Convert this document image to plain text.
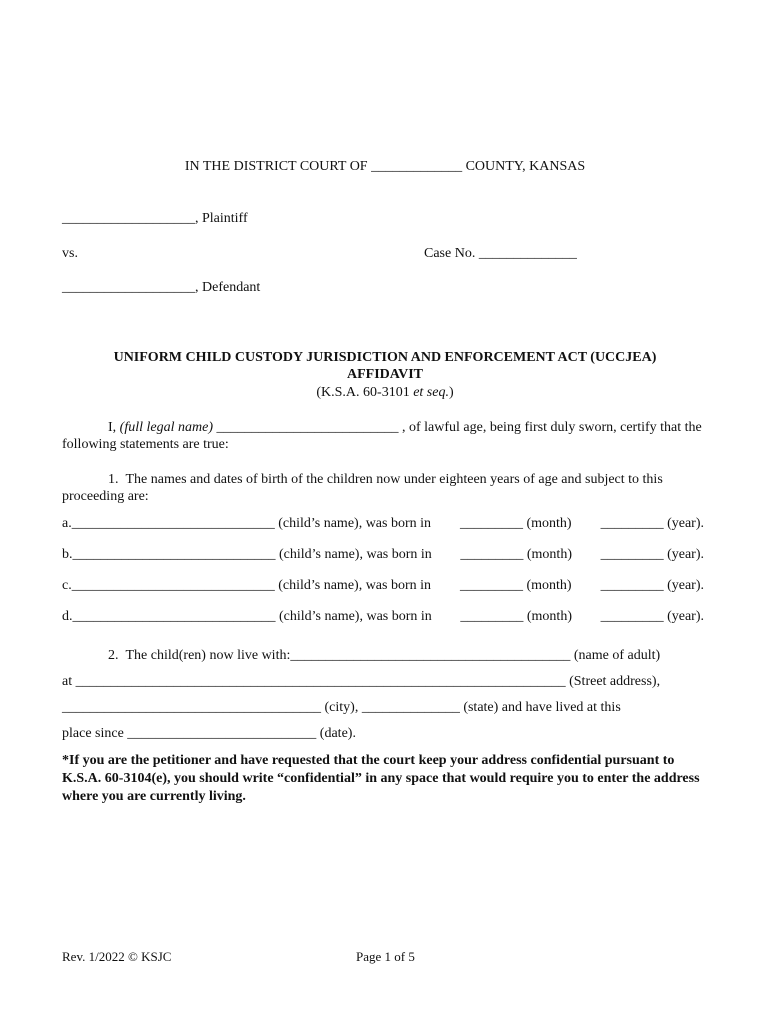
IN THE DISTRICT COURT OF _____________ COUNTY, KANSAS
___________________, Plaintiff
vs.	Case No. ______________
___________________, Defendant
UNIFORM CHILD CUSTODY JURISDICTION AND ENFORCEMENT ACT (UCCJEA)
AFFIDAVIT
(K.S.A. 60-3101 et seq.)
I, (full legal name) __________________________ , of lawful age, being first duly sworn, certify that the following statements are true:
1. The names and dates of birth of the children now under eighteen years of age and subject to this proceeding are:
a._____________________________ (child’s name), was born in _________ (month) _________ (year).
b._____________________________ (child’s name), was born in _________ (month) _________ (year).
c._____________________________ (child’s name), was born in _________ (month) _________ (year).
d._____________________________ (child’s name), was born in _________ (month) _________ (year).
2. The child(ren) now live with:________________________________________ (name of adult)
at ______________________________________________________________________ (Street address),
_____________________________________ (city), ______________ (state) and have lived at this
place since ___________________________ (date).
*If you are the petitioner and have requested that the court keep your address confidential pursuant to K.S.A. 60-3104(e), you should write “confidential” in any space that would require you to enter the address where you are currently living.
Rev. 1/2022 © KSJC	Page 1 of 5
